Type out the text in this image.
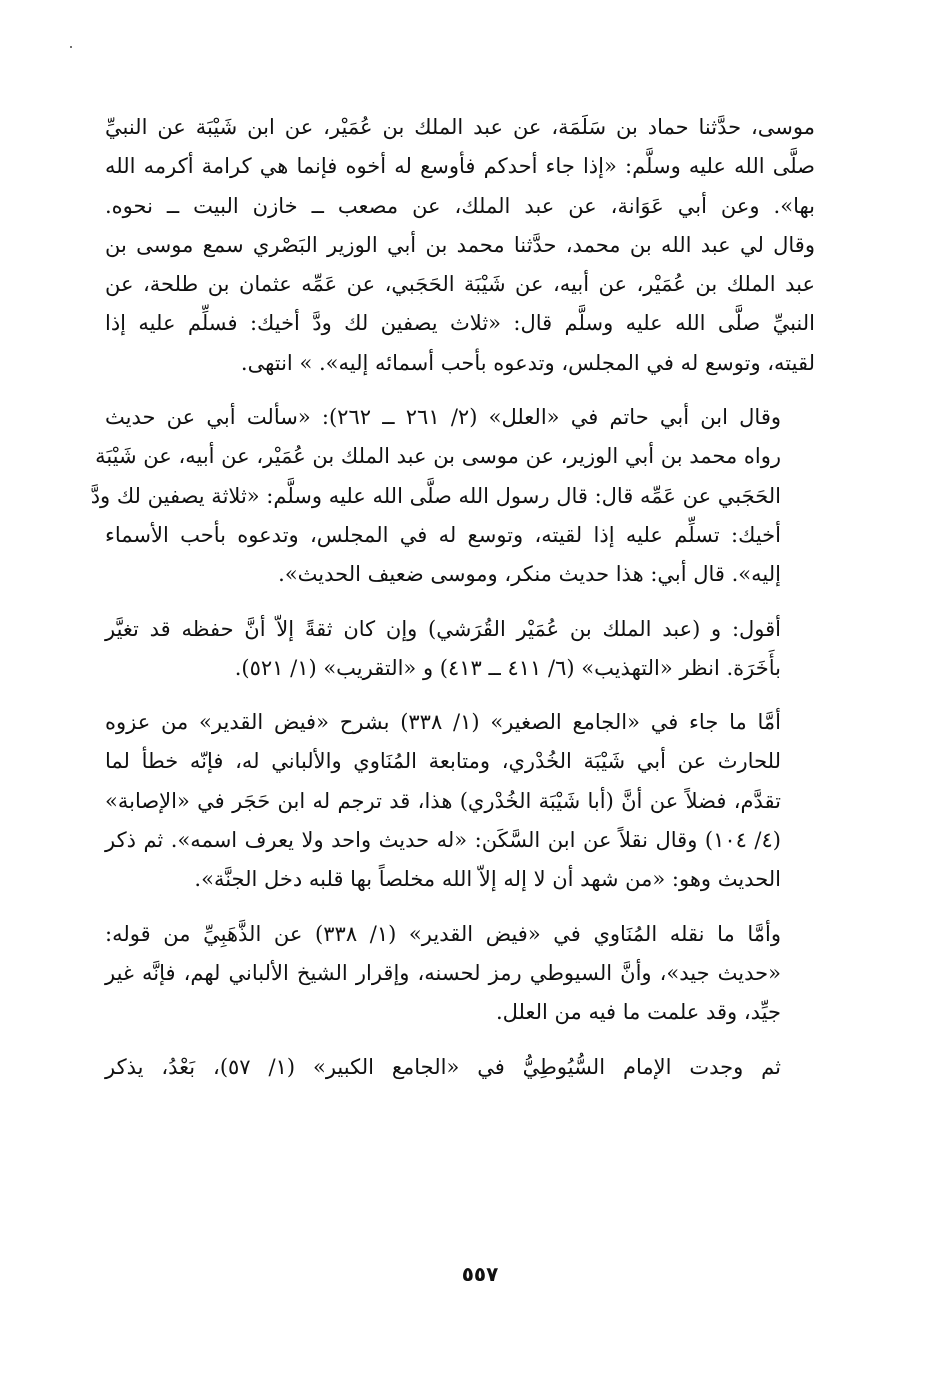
موسى، حدَّثنا حماد بن سَلَمَة، عن عبد الملك بن عُمَيْر، عن ابن شَيْبَة عن النبيِّ
صلَّى الله عليه وسلَّم: «إذا جاء أحدكم فأوسع له أخوه فإنما هي كرامة أكرمه الله
بها». وعن أبي عَوَانة، عن عبد الملك، عن مصعب ــ خازن البيت ــ نحوه.
وقال لي عبد الله بن محمد، حدَّثنا محمد بن أبي الوزير البَصْري سمع موسى بن
عبد الملك بن عُمَيْر، عن أبيه، عن شَيْبَة الحَجَبي، عن عَمِّه عثمان بن طلحة، عن
النبيِّ صلَّى الله عليه وسلَّم قال: «ثلاث يصفين لك ودَّ أخيك: فسلِّم عليه إذا
لقيته، وتوسع له في المجلس، وتدعوه بأحب أسمائه إليه». » انتهى.

وقال ابن أبي حاتم في «العلل» (٢/ ٢٦١ ــ ٢٦٢): «سألت أبي عن حديث
رواه محمد بن أبي الوزير، عن موسى بن عبد الملك بن عُمَيْر، عن أبيه، عن شَيْبَة
الحَجَبي عن عَمِّه قال: قال رسول الله صلَّى الله عليه وسلَّم: «ثلاثة يصفين لك ودَّ
أخيك: تسلِّم عليه إذا لقيته، وتوسع له في المجلس، وتدعوه بأحب الأسماء
إليه». قال أبي: هذا حديث منكر، وموسى ضعيف الحديث».

أقول: و (عبد الملك بن عُمَيْر القُرَشي) وإن كان ثقةً إلاّ أنَّ حفظه قد تغيَّر
بأَخَرَة. انظر «التهذيب» (٦/ ٤١١ ــ ٤١٣) و «التقريب» (١/ ٥٢١).

أمَّا ما جاء في «الجامع الصغير» (١/ ٣٣٨) بشرح «فيض القدير» من عزوه
للحارث عن أبي شَيْبَة الخُدْري، ومتابعة المُنَاوي والألباني له، فإنّه خطأ لما
تقدَّم، فضلاً عن أنَّ (أبا شَيْبَة الخُدْري) هذا، قد ترجم له ابن حَجَر في «الإصابة»
(٤/ ١٠٤) وقال نقلاً عن ابن السَّكَن: «له حديث واحد ولا يعرف اسمه». ثم ذكر
الحديث وهو: «من شهد أن لا إله إلاّ الله مخلصاً بها قلبه دخل الجنَّة».

وأمَّا ما نقله المُنَاوي في «فيض القدير» (١/ ٣٣٨) عن الذَّهَبِيِّ من قوله:
«حديث جيد»، وأنَّ السيوطي رمز لحسنه، وإقرار الشيخ الألباني لهم، فإنَّه غير
جيِّد، وقد علمت ما فيه من العلل.

ثم وجدت الإمام السُّيُوطِيُّ في «الجامع الكبير» (١/ ٥٧)، بَعْدُ، يذكر

٥٥٧
